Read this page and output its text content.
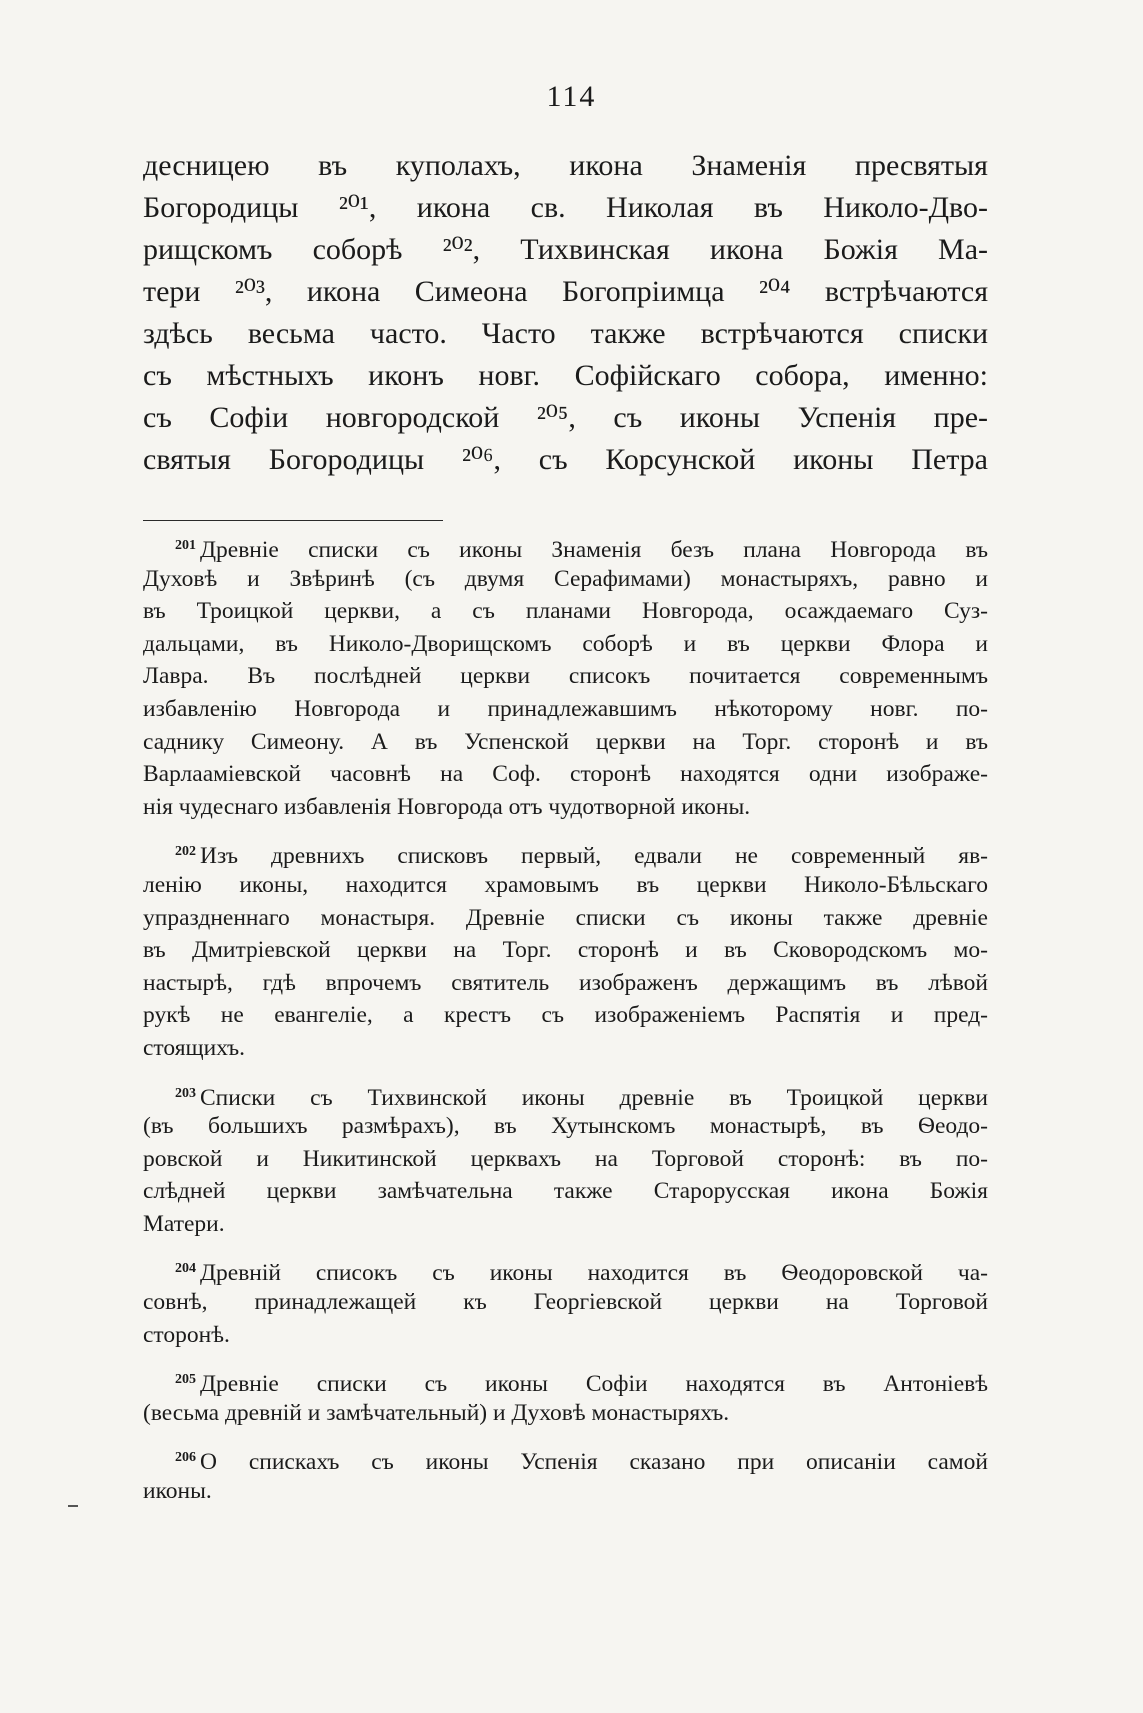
114
десницею въ куполахъ, икона Знаменія пресвятыя
Богородицы ²⁰¹, икона св. Николая въ Николо-Дво-
рищскомъ соборѣ ²⁰², Тихвинская икона Божія Ма-
тери ²⁰³, икона Симеона Богопріимца ²⁰⁴ встрѣчаются
здѣсь весьма часто. Часто также встрѣчаются списки
съ мѣстныхъ иконъ новг. Софійскаго собора, именно:
съ Софіи новгородской ²⁰⁵, съ иконы Успенія пре-
святыя Богородицы ²⁰⁶, съ Корсунской иконы Петра
$^{201}$ Древніе списки съ иконы Знаменія безъ плана Новгорода въ
Духовѣ и Звѣринѣ (съ двумя Серафимами) монастыряхъ, равно и
въ Троицкой церкви, а съ планами Новгорода, осаждаемаго Суз-
дальцами, въ Николо-Дворищскомъ соборѣ и въ церкви Флора и
Лавра. Въ послѣдней церкви списокъ почитается современнымъ
избавленію Новгорода и принадлежавшимъ нѣкоторому новг. по-
саднику Симеону. А въ Успенской церкви на Торг. сторонѣ и въ
Варлааміевской часовнѣ на Соф. сторонѣ находятся одни изображе-
нія чудеснаго избавленія Новгорода отъ чудотворной иконы.
$^{202}$ Изъ древнихъ списковъ первый, едвали не современный яв-
ленію иконы, находится храмовымъ въ церкви Николо-Бѣльскаго
упраздненнаго монастыря. Древніе списки съ иконы также древніе
въ Дмитріевской церкви на Торг. сторонѣ и въ Сковородскомъ мо-
настырѣ, гдѣ впрочемъ святитель изображенъ держащимъ въ лѣвой
рукѣ не евангеліе, а крестъ съ изображеніемъ Распятія и пред-
стоящихъ.
$^{203}$ Списки съ Тихвинской иконы древніе въ Троицкой церкви
(въ большихъ размѣрахъ), въ Хутынскомъ монастырѣ, въ Ѳеодо-
ровской и Никитинской церквахъ на Торговой сторонѣ: въ по-
слѣдней церкви замѣчательна также Старорусская икона Божія
Матери.
$^{204}$ Древній списокъ съ иконы находится въ Ѳеодоровской ча-
совнѣ, принадлежащей къ Георгіевской церкви на Торговой
сторонѣ.
$^{205}$ Древніе списки съ иконы Софіи находятся въ Антоніевѣ
(весьма древній и замѣчательный) и Духовѣ монастыряхъ.
$^{206}$ О спискахъ съ иконы Успенія сказано при описаніи самой
иконы.
